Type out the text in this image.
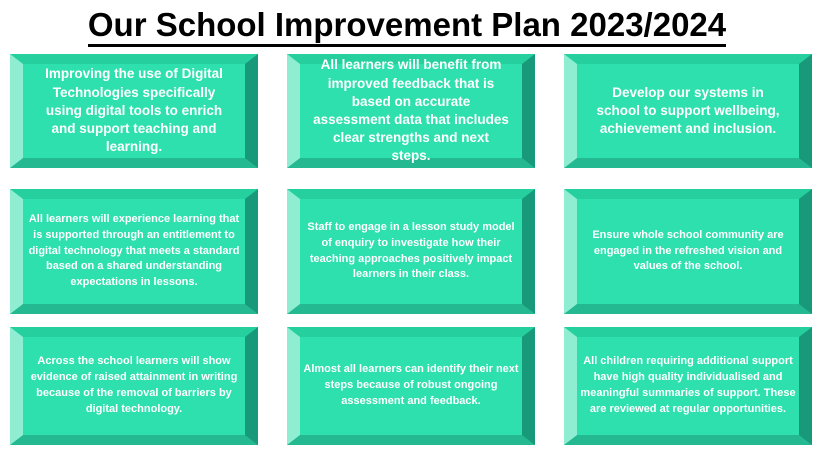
Our School Improvement Plan 2023/2024
Improving the use of Digital Technologies specifically using digital tools to enrich and support teaching and learning.
All learners will benefit from improved feedback that is based on accurate assessment data that includes clear strengths and next steps.
Develop our systems in school to support wellbeing, achievement and inclusion.
All learners will experience learning that is supported through an entitlement to digital technology that meets a standard based on a shared understanding expectations in lessons.
Staff to engage in a lesson study model of enquiry to investigate how their teaching approaches positively impact learners in their class.
Ensure whole school community are engaged in the refreshed vision and values of the school.
Across the school learners will show evidence of raised attainment in writing because of the removal of barriers by digital technology.
Almost all learners can identify their next steps because of robust ongoing assessment and feedback.
All children requiring additional support have high quality individualised and meaningful summaries of support. These are reviewed at regular opportunities.
